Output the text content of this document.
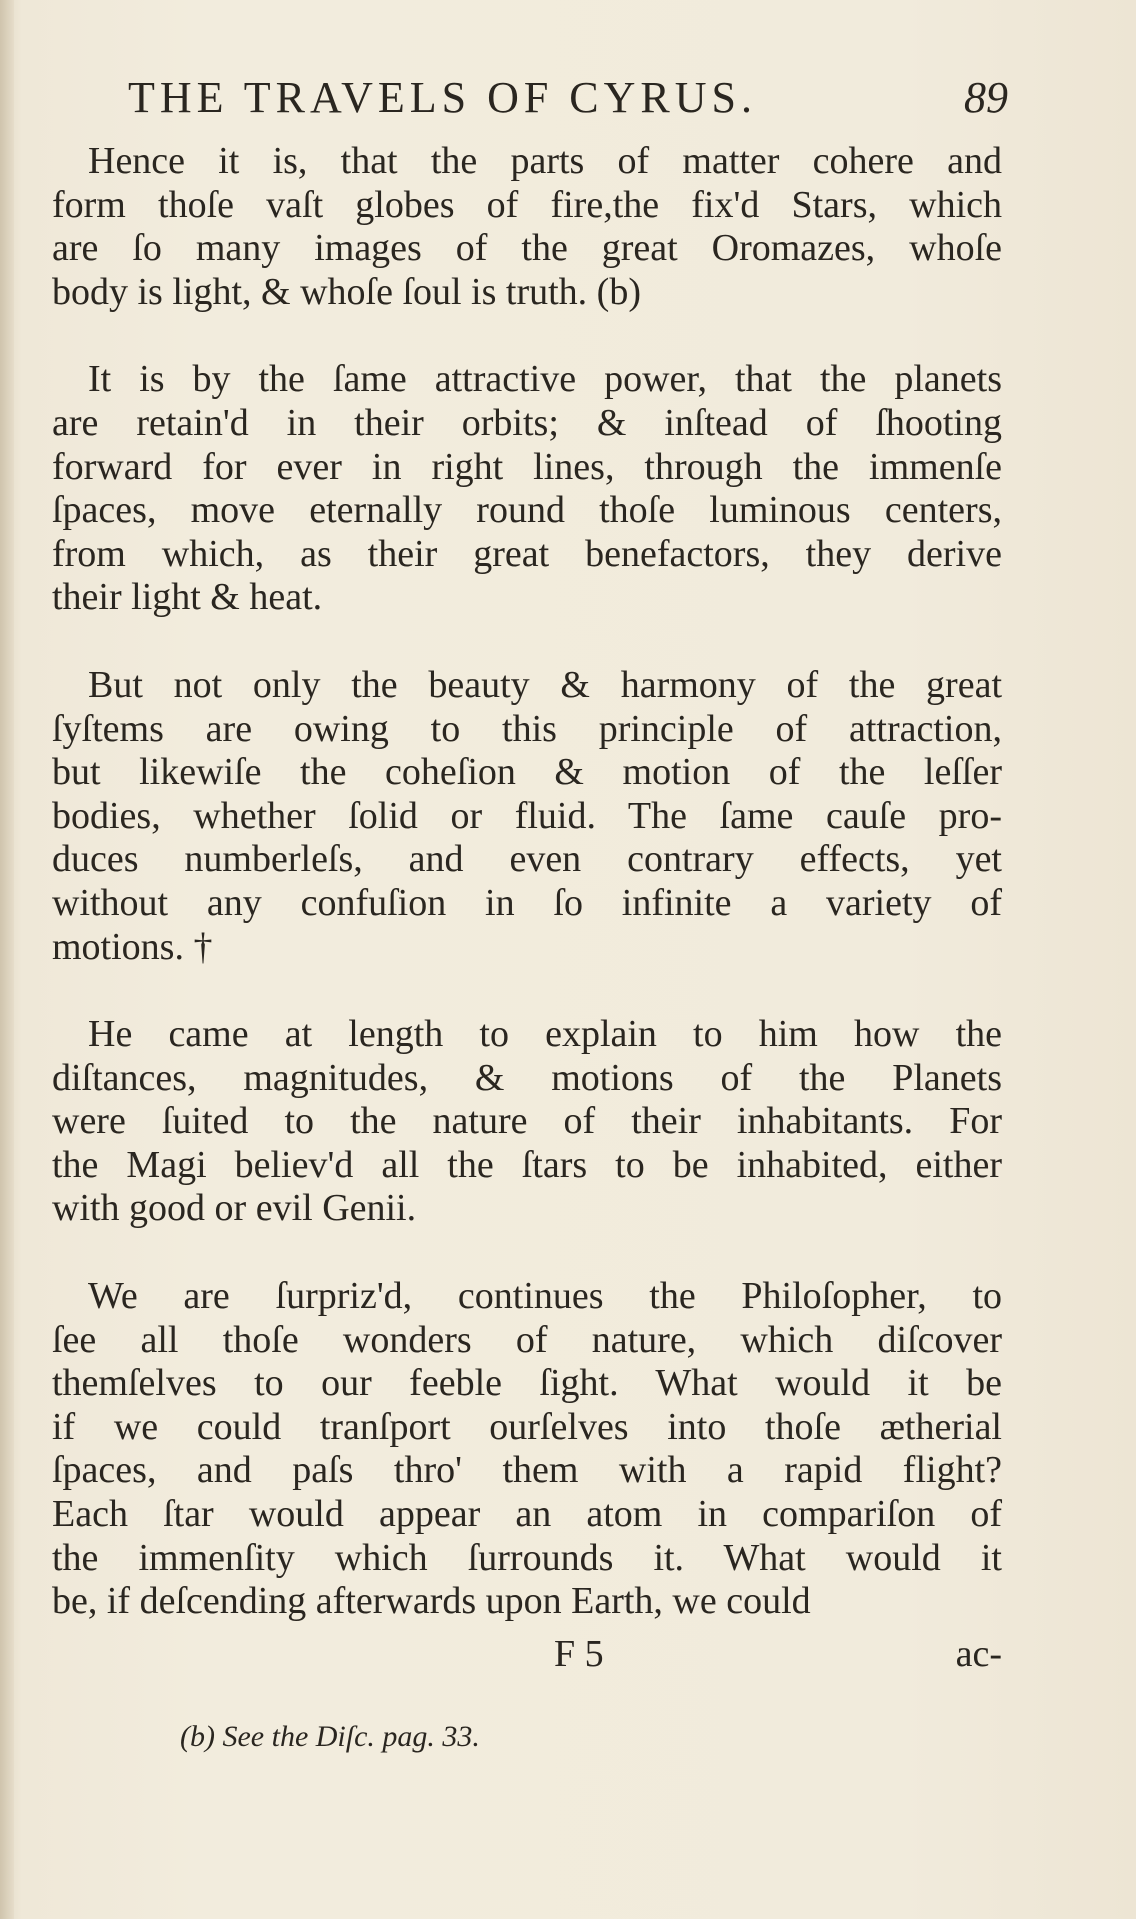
THE TRAVELS OF CYRUS.	89
Hence it is, that the parts of matter cohere and
form thoſe vaſt globes of fire,the fix'd Stars, which
are ſo many images of the great Oromazes, whoſe
body is light, & whoſe ſoul is truth. (b)
It is by the ſame attractive power, that the planets
are retain'd in their orbits; & inſtead of ſhooting
forward for ever in right lines, through the immenſe
ſpaces, move eternally round thoſe luminous centers,
from which, as their great benefactors, they derive
their light & heat.
But not only the beauty & harmony of the great
ſyſtems are owing to this principle of attraction,
but likewiſe the coheſion & motion of the leſſer
bodies, whether ſolid or fluid. The ſame cauſe pro-
duces numberleſs, and even contrary effects, yet
without any confuſion in ſo infinite a variety of
motions. †
He came at length to explain to him how the
diſtances, magnitudes, & motions of the Planets
were ſuited to the nature of their inhabitants. For
the Magi believ'd all the ſtars to be inhabited, either
with good or evil Genii.
We are ſurpriz'd, continues the Philoſopher, to
ſee all thoſe wonders of nature, which diſcover
themſelves to our feeble ſight. What would it be
if we could tranſport ourſelves into thoſe ætherial
ſpaces, and paſs thro' them with a rapid flight?
Each ſtar would appear an atom in compariſon of
the immenſity which ſurrounds it. What would it
be, if deſcending afterwards upon Earth, we could
F 5	ac-
(b) See the Diſc. pag. 33.
